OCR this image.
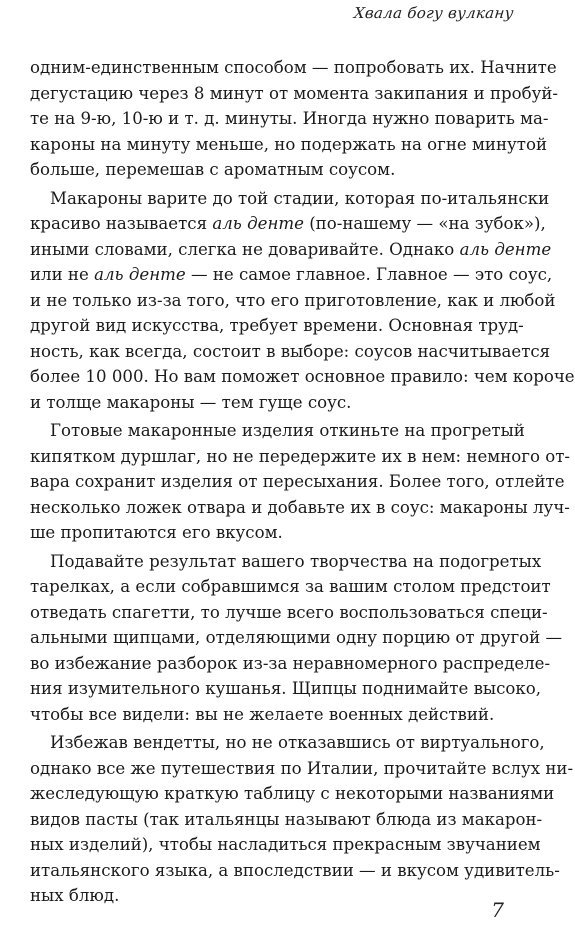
Хвала богу вулкану

одним-единственным способом — попробовать их. Начните
дегустацию через 8 минут от момента закипания и пробуй-
те на 9-ю, 10-ю и т. д. минуты. Иногда нужно поварить ма-
кароны на минуту меньше, но подержать на огне минутой
больше, перемешав с ароматным соусом.

Макароны варите до той стадии, которая по-итальянски
красиво называется аль денте (по-нашему — «на зубок»),
иными словами, слегка не доваривайте. Однако аль денте
или не аль денте — не самое главное. Главное — это соус,
и не только из-за того, что его приготовление, как и любой
другой вид искусства, требует времени. Основная труд-
ность, как всегда, состоит в выборе: соусов насчитывается
более 10 000. Но вам поможет основное правило: чем короче
и толще макароны — тем гуще соус.

Готовые макаронные изделия откиньте на прогретый
кипятком дуршлаг, но не передержите их в нем: немного от-
вара сохранит изделия от пересыхания. Более того, отлейте
несколько ложек отвара и добавьте их в соус: макароны луч-
ше пропитаются его вкусом.

Подавайте результат вашего творчества на подогретых
тарелках, а если собравшимся за вашим столом предстоит
отведать спагетти, то лучше всего воспользоваться специ-
альными щипцами, отделяющими одну порцию от другой —
во избежание разборок из-за неравномерного распределе-
ния изумительного кушанья. Щипцы поднимайте высоко,
чтобы все видели: вы не желаете военных действий.

Избежав вендетты, но не отказавшись от виртуального,
однако все же путешествия по Италии, прочитайте вслух ни-
жеследующую краткую таблицу с некоторыми названиями
видов пасты (так итальянцы называют блюда из макарон-
ных изделий), чтобы насладиться прекрасным звучанием
итальянского языка, а впоследствии — и вкусом удивитель-
ных блюд.

7
